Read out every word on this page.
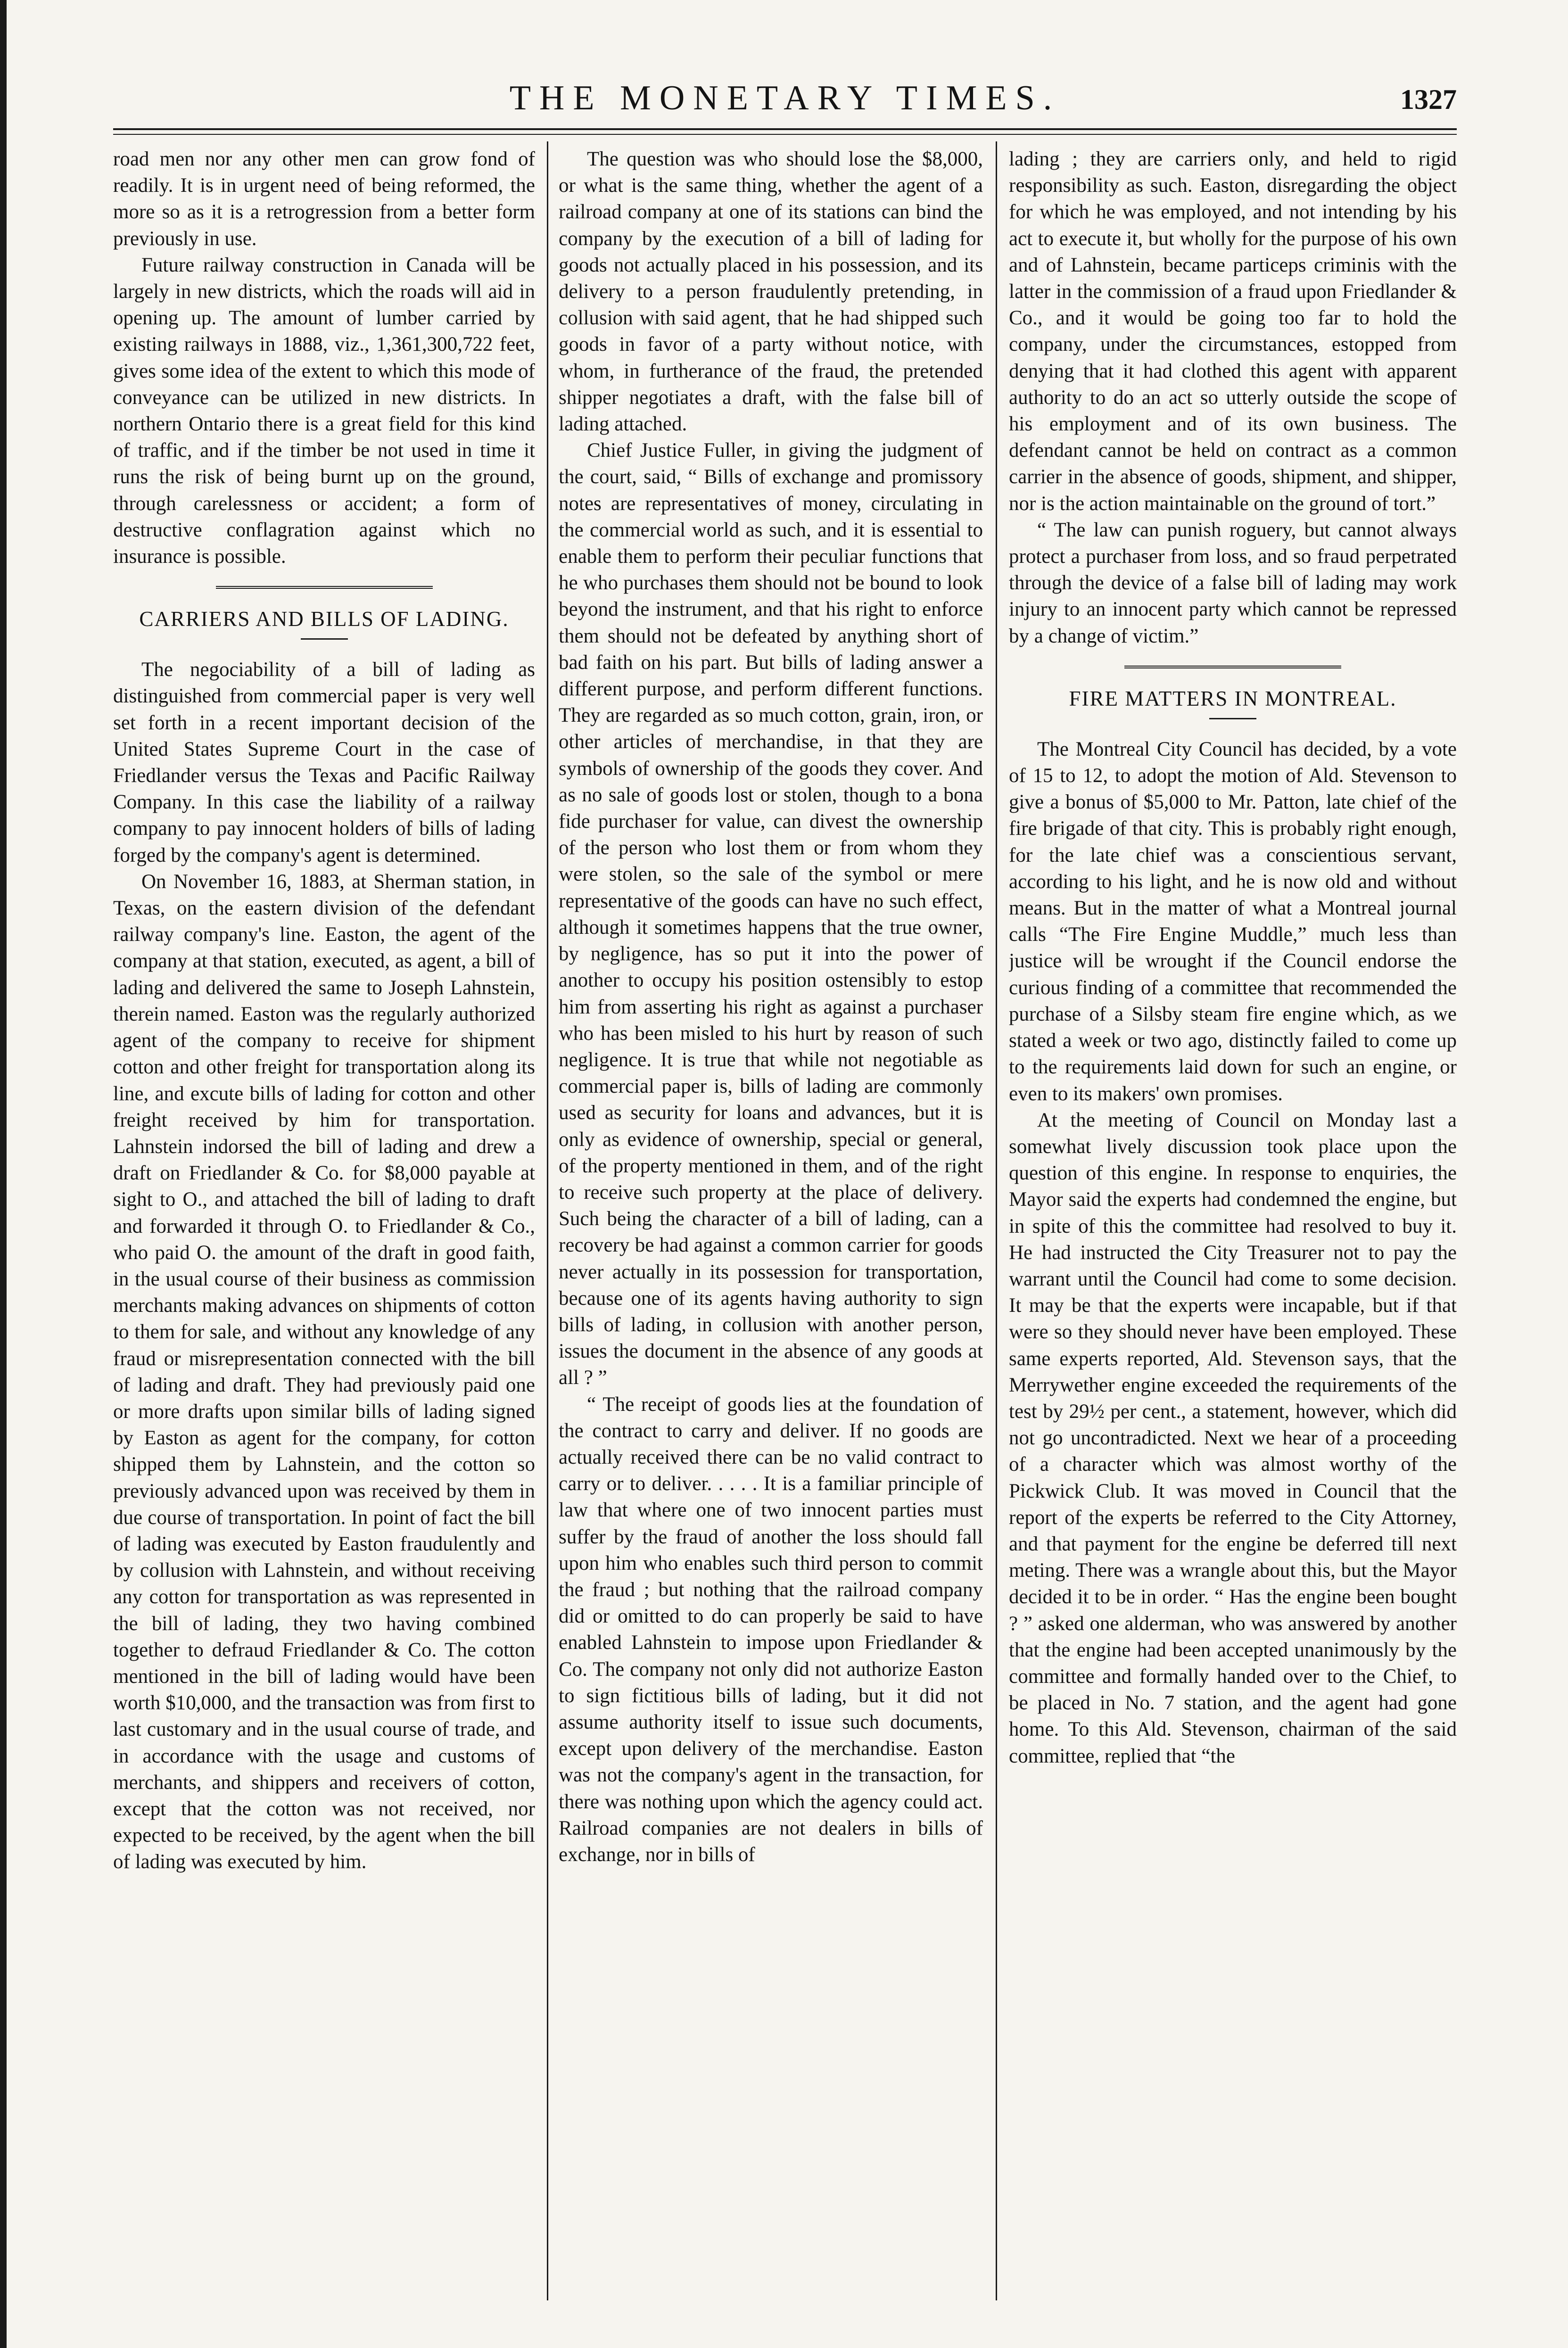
THE MONETARY TIMES.	1327

road men nor any other men can grow fond of readily. It is in urgent need of being reformed, the more so as it is a retrogression from a better form previously in use.

Future railway construction in Canada will be largely in new districts, which the roads will aid in opening up. The amount of lumber carried by existing railways in 1888, viz., 1,361,300,722 feet, gives some idea of the extent to which this mode of conveyance can be utilized in new districts. In northern Ontario there is a great field for this kind of traffic, and if the timber be not used in time it runs the risk of being burnt up on the ground, through carelessness or accident; a form of destructive conflagration against which no insurance is possible.

CARRIERS AND BILLS OF LADING.

The negociability of a bill of lading as distinguished from commercial paper is very well set forth in a recent important decision of the United States Supreme Court in the case of Friedlander versus the Texas and Pacific Railway Company. In this case the liability of a railway company to pay innocent holders of bills of lading forged by the company's agent is determined.

On November 16, 1883, at Sherman station, in Texas, on the eastern division of the defendant railway company's line. Easton, the agent of the company at that station, executed, as agent, a bill of lading and delivered the same to Joseph Lahnstein, therein named. Easton was the regularly authorized agent of the company to receive for shipment cotton and other freight for transportation along its line, and excute bills of lading for cotton and other freight received by him for transportation. Lahnstein indorsed the bill of lading and drew a draft on Friedlander & Co. for $8,000 payable at sight to O., and attached the bill of lading to draft and forwarded it through O. to Friedlander & Co., who paid O. the amount of the draft in good faith, in the usual course of their business as commission merchants making advances on shipments of cotton to them for sale, and without any knowledge of any fraud or misrepresentation connected with the bill of lading and draft. They had previously paid one or more drafts upon similar bills of lading signed by Easton as agent for the company, for cotton shipped them by Lahnstein, and the cotton so previously advanced upon was received by them in due course of transportation. In point of fact the bill of lading was executed by Easton fraudulently and by collusion with Lahnstein, and without receiving any cotton for transportation as was represented in the bill of lading, they two having combined together to defraud Friedlander & Co. The cotton mentioned in the bill of lading would have been worth $10,000, and the transaction was from first to last customary and in the usual course of trade, and in accordance with the usage and customs of merchants, and shippers and receivers of cotton, except that the cotton was not received, nor expected to be received, by the agent when the bill of lading was executed by him.

The question was who should lose the $8,000, or what is the same thing, whether the agent of a railroad company at one of its stations can bind the company by the execution of a bill of lading for goods not actually placed in his possession, and its delivery to a person fraudulently pretending, in collusion with said agent, that he had shipped such goods in favor of a party without notice, with whom, in furtherance of the fraud, the pretended shipper negotiates a draft, with the false bill of lading attached.

Chief Justice Fuller, in giving the judgment of the court, said, “ Bills of exchange and promissory notes are representatives of money, circulating in the commercial world as such, and it is essential to enable them to perform their peculiar functions that he who purchases them should not be bound to look beyond the instrument, and that his right to enforce them should not be defeated by anything short of bad faith on his part. But bills of lading answer a different purpose, and perform different functions. They are regarded as so much cotton, grain, iron, or other articles of merchandise, in that they are symbols of ownership of the goods they cover. And as no sale of goods lost or stolen, though to a bona fide purchaser for value, can divest the ownership of the person who lost them or from whom they were stolen, so the sale of the symbol or mere representative of the goods can have no such effect, although it sometimes happens that the true owner, by negligence, has so put it into the power of another to occupy his position ostensibly to estop him from asserting his right as against a purchaser who has been misled to his hurt by reason of such negligence. It is true that while not negotiable as commercial paper is, bills of lading are commonly used as security for loans and advances, but it is only as evidence of ownership, special or general, of the property mentioned in them, and of the right to receive such property at the place of delivery. Such being the character of a bill of lading, can a recovery be had against a common carrier for goods never actually in its possession for transportation, because one of its agents having authority to sign bills of lading, in collusion with another person, issues the document in the absence of any goods at all ? ”

“ The receipt of goods lies at the foundation of the contract to carry and deliver. If no goods are actually received there can be no valid contract to carry or to deliver. . . . . It is a familiar principle of law that where one of two innocent parties must suffer by the fraud of another the loss should fall upon him who enables such third person to commit the fraud ; but nothing that the railroad company did or omitted to do can properly be said to have enabled Lahnstein to impose upon Friedlander & Co. The company not only did not authorize Easton to sign fictitious bills of lading, but it did not assume authority itself to issue such documents, except upon delivery of the merchandise. Easton was not the company's agent in the transaction, for there was nothing upon which the agency could act. Railroad companies are not dealers in bills of exchange, nor in bills of

lading ; they are carriers only, and held to rigid responsibility as such. Easton, disregarding the object for which he was employed, and not intending by his act to execute it, but wholly for the purpose of his own and of Lahnstein, became particeps criminis with the latter in the commission of a fraud upon Friedlander & Co., and it would be going too far to hold the company, under the circumstances, estopped from denying that it had clothed this agent with apparent authority to do an act so utterly outside the scope of his employment and of its own business. The defendant cannot be held on contract as a common carrier in the absence of goods, shipment, and shipper, nor is the action maintainable on the ground of tort.”

“ The law can punish roguery, but cannot always protect a purchaser from loss, and so fraud perpetrated through the device of a false bill of lading may work injury to an innocent party which cannot be repressed by a change of victim.”

FIRE MATTERS IN MONTREAL.

The Montreal City Council has decided, by a vote of 15 to 12, to adopt the motion of Ald. Stevenson to give a bonus of $5,000 to Mr. Patton, late chief of the fire brigade of that city. This is probably right enough, for the late chief was a conscientious servant, according to his light, and he is now old and without means. But in the matter of what a Montreal journal calls “The Fire Engine Muddle,” much less than justice will be wrought if the Council endorse the curious finding of a committee that recommended the purchase of a Silsby steam fire engine which, as we stated a week or two ago, distinctly failed to come up to the requirements laid down for such an engine, or even to its makers' own promises.

At the meeting of Council on Monday last a somewhat lively discussion took place upon the question of this engine. In response to enquiries, the Mayor said the experts had condemned the engine, but in spite of this the committee had resolved to buy it. He had instructed the City Treasurer not to pay the warrant until the Council had come to some decision. It may be that the experts were incapable, but if that were so they should never have been employed. These same experts reported, Ald. Stevenson says, that the Merrywether engine exceeded the requirements of the test by 29½ per cent., a statement, however, which did not go uncontradicted. Next we hear of a proceeding of a character which was almost worthy of the Pickwick Club. It was moved in Council that the report of the experts be referred to the City Attorney, and that payment for the engine be deferred till next meting. There was a wrangle about this, but the Mayor decided it to be in order. “ Has the engine been bought ? ” asked one alderman, who was answered by another that the engine had been accepted unanimously by the committee and formally handed over to the Chief, to be placed in No. 7 station, and the agent had gone home. To this Ald. Stevenson, chairman of the said committee, replied that “the
